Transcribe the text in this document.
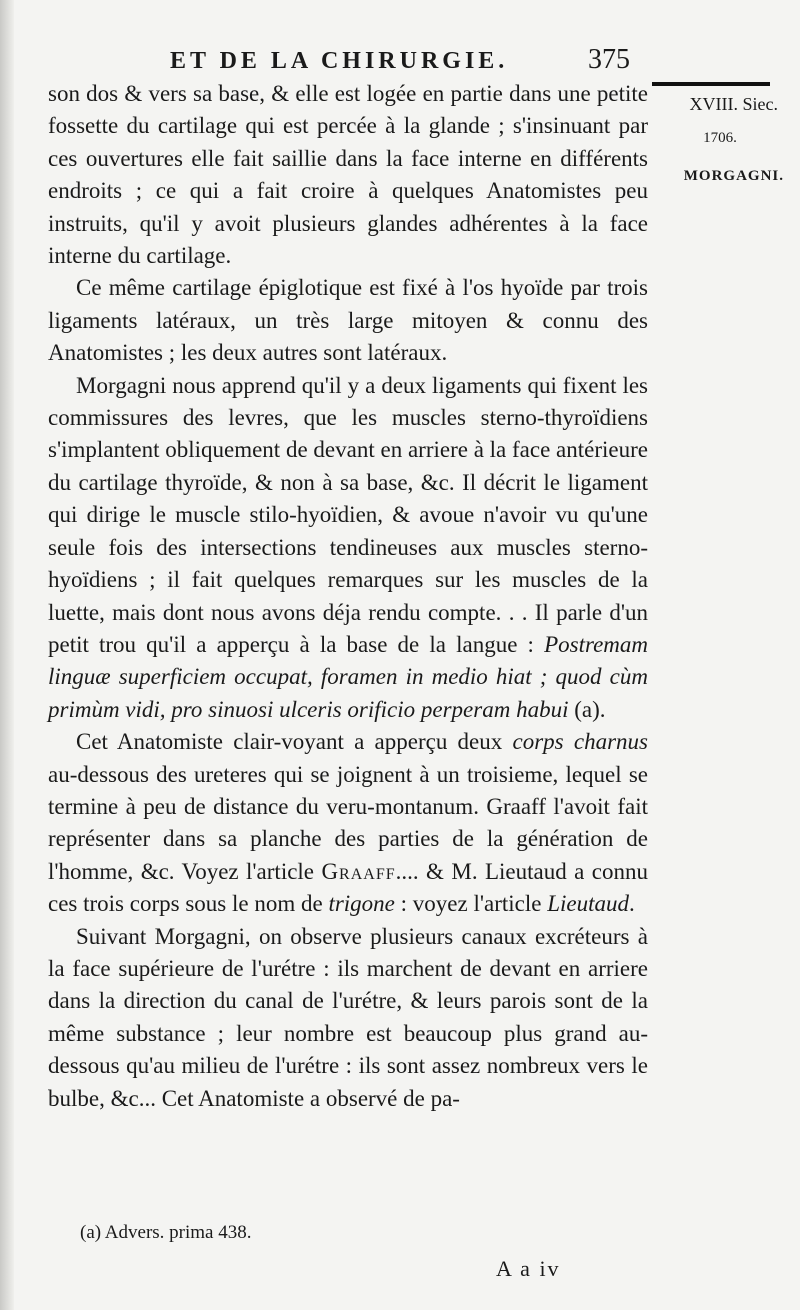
ET DE LA CHIRURGIE.	375
XVIII. Siec.
1706.
MORGAGNI.

son dos & vers sa base, & elle est logée en partie dans une petite fossette du cartilage qui est percée à la glande ; s'insinuant par ces ouvertures elle fait saillie dans la face interne en différents endroits ; ce qui a fait croire à quelques Anatomistes peu instruits, qu'il y avoit plusieurs glandes adhérentes à la face interne du cartilage.

Ce même cartilage épiglotique est fixé à l'os hyoïde par trois ligaments latéraux, un très large mitoyen & connu des Anatomistes ; les deux autres sont latéraux.

Morgagni nous apprend qu'il y a deux ligaments qui fixent les commissures des levres, que les muscles sterno-thyroïdiens s'implantent obliquement de devant en arriere à la face antérieure du cartilage thyroïde, & non à sa base, &c. Il décrit le ligament qui dirige le muscle stilo-hyoïdien, & avoue n'avoir vu qu'une seule fois des intersections tendineuses aux muscles sterno-hyoïdiens ; il fait quelques remarques sur les muscles de la luette, mais dont nous avons déja rendu compte. . . Il parle d'un petit trou qu'il a apperçu à la base de la langue : Postremam linguæ superficiem occupat, foramen in medio hiat ; quod cùm primùm vidi, pro sinuosi ulceris orificio perperam habui (a).

Cet Anatomiste clair-voyant a apperçu deux corps charnus au-dessous des ureteres qui se joignent à un troisieme, lequel se termine à peu de distance du veru-montanum. Graaff l'avoit fait représenter dans sa planche des parties de la génération de l'homme, &c. Voyez l'article Graaff.... & M. Lieutaud a connu ces trois corps sous le nom de trigone : voyez l'article Lieutaud.

Suivant Morgagni, on observe plusieurs canaux excréteurs à la face supérieure de l'urétre : ils marchent de devant en arriere dans la direction du canal de l'urétre, & leurs parois sont de la même substance ; leur nombre est beaucoup plus grand au-dessous qu'au milieu de l'urétre : ils sont assez nombreux vers le bulbe, &c... Cet Anatomiste a observé de pa-

(a) Advers. prima 438.
A a iv
